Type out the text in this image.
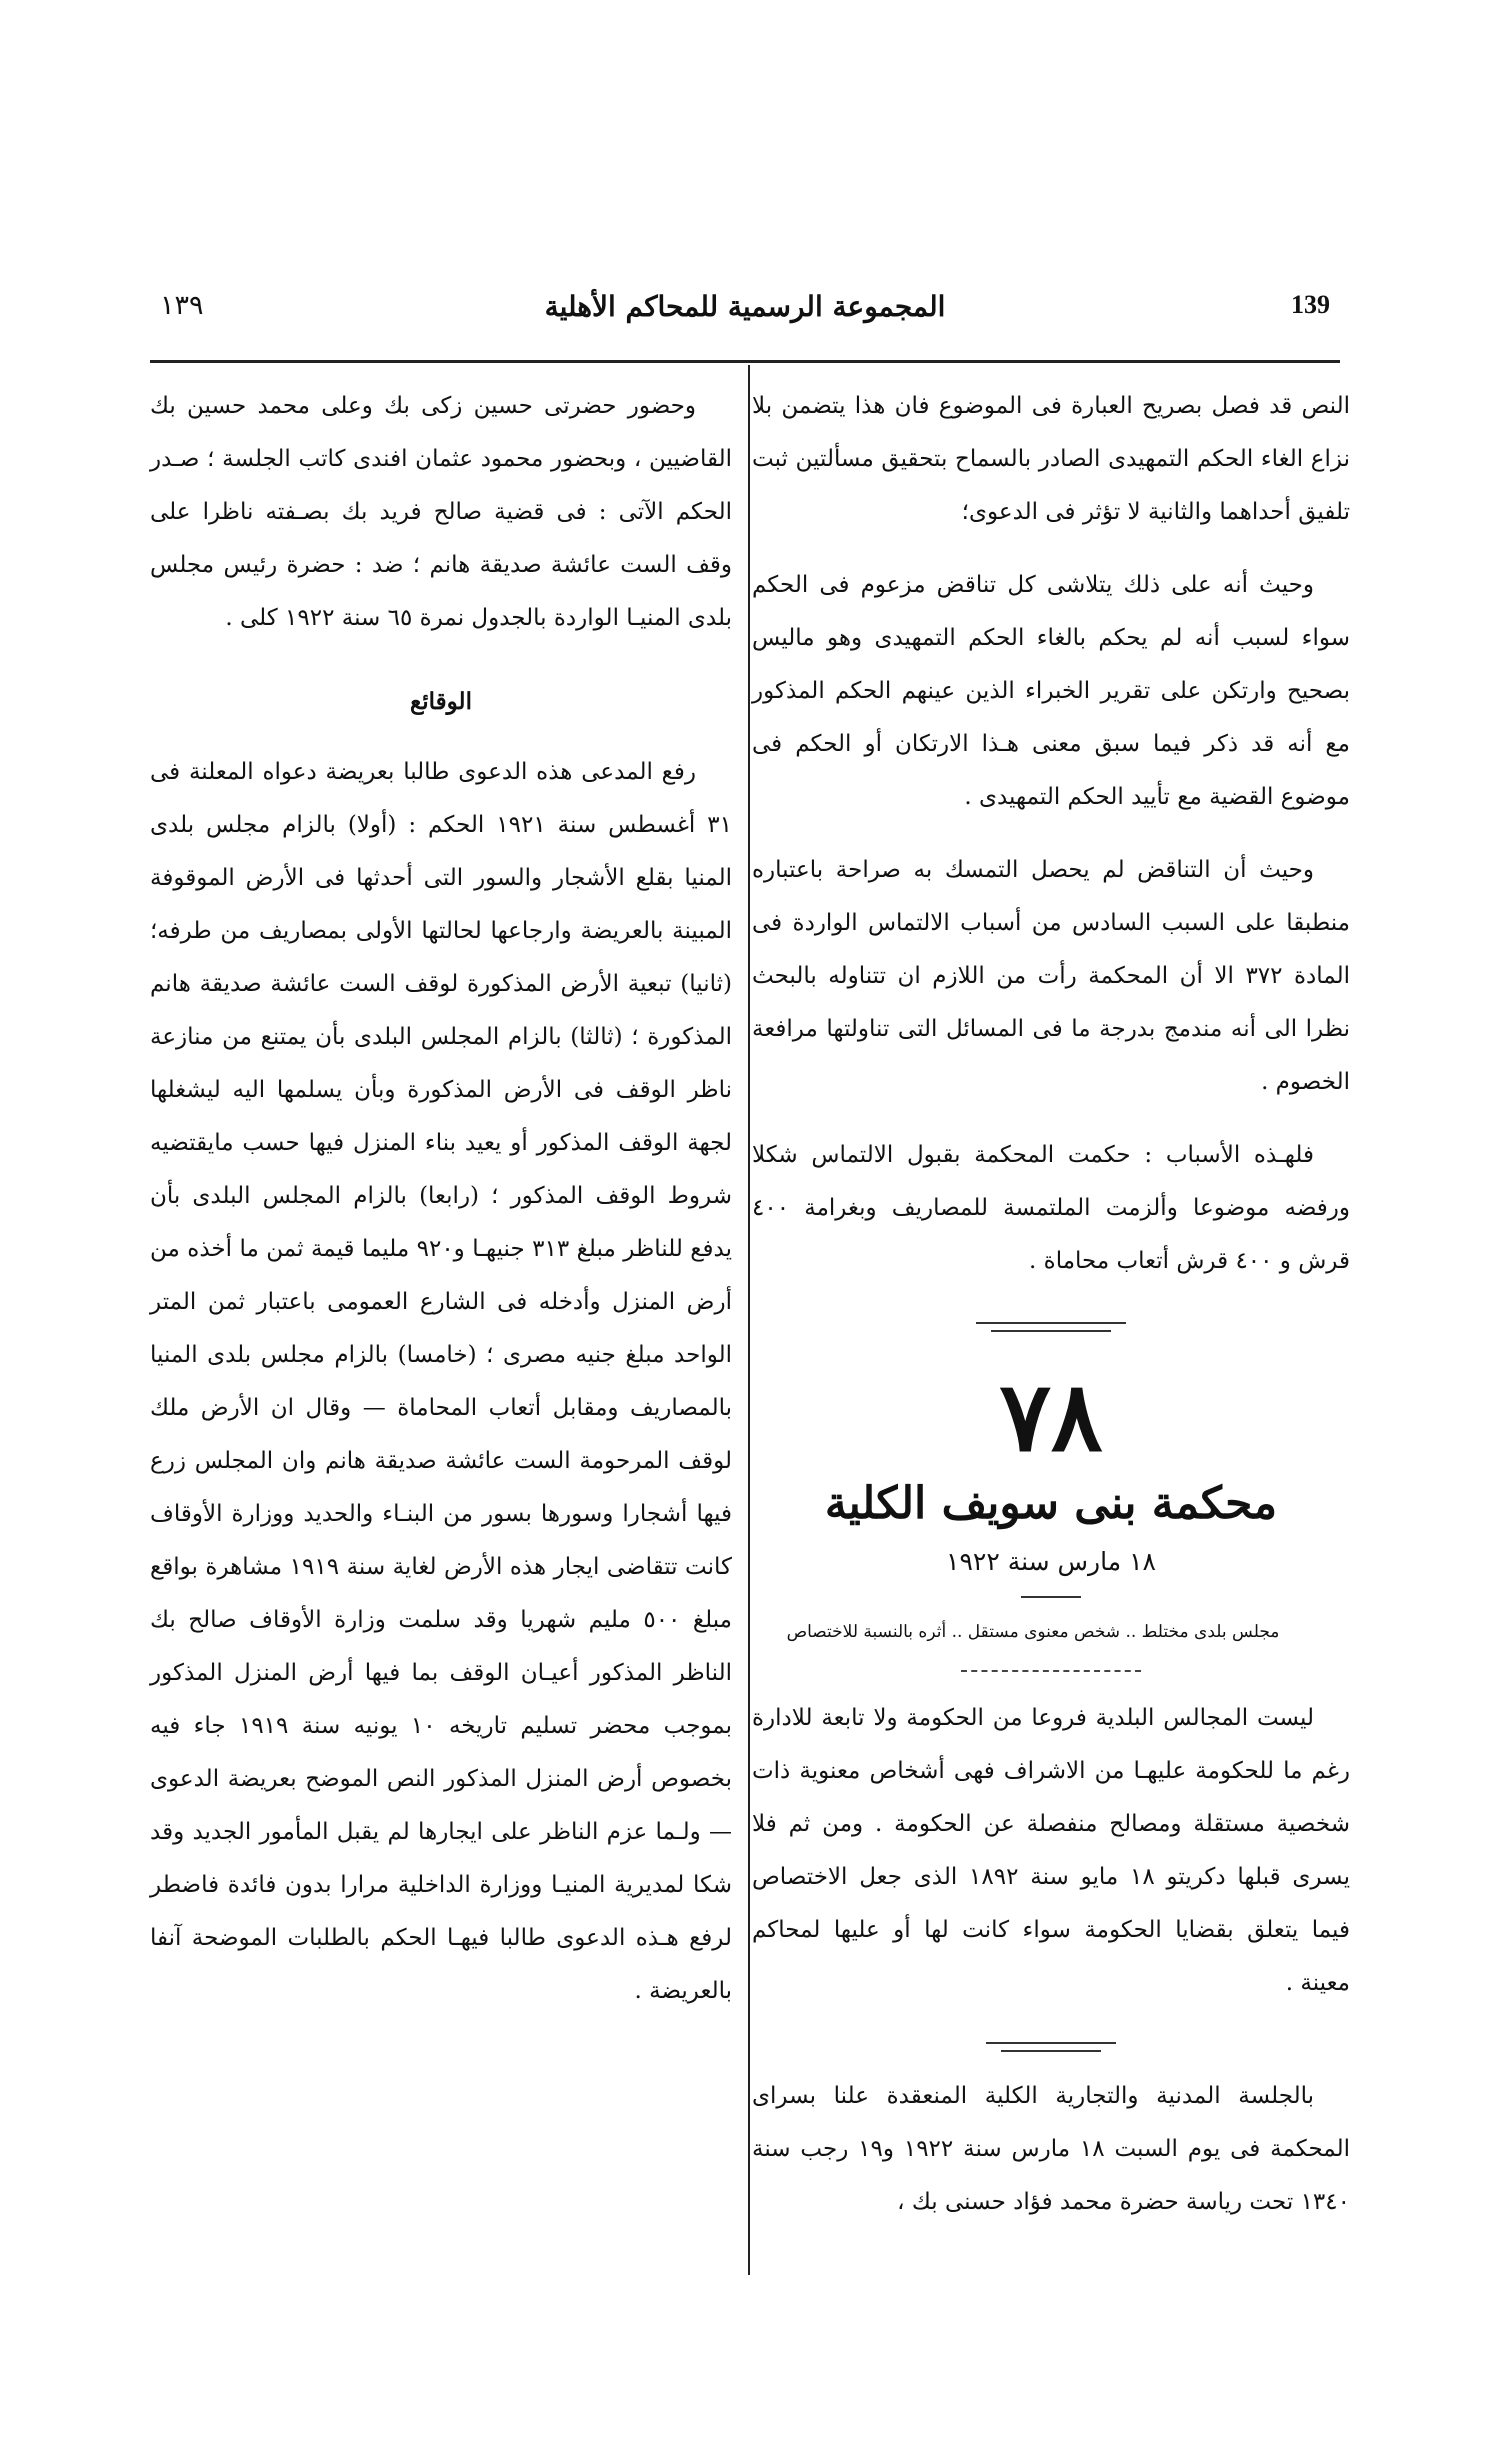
١٣٩	المجموعة الرسمية للمحاكم الأهلية	139

النص قد فصل بصريح العبارة فى الموضوع فان هذا يتضمن بلا نزاع الغاء الحكم التمهيدى الصادر بالسماح بتحقيق مسألتين ثبت تلفيق أحداهما والثانية لا تؤثر فى الدعوى؛

وحيث أنه على ذلك يتلاشى كل تناقض مزعوم فى الحكم سواء لسبب أنه لم يحكم بالغاء الحكم التمهيدى وهو ماليس بصحيح وارتكن على تقرير الخبراء الذين عينهم الحكم المذكور مع أنه قد ذكر فيما سبق معنى هـذا الارتكان أو الحكم فى موضوع القضية مع تأييد الحكم التمهيدى .

وحيث أن التناقض لم يحصل التمسك به صراحة باعتباره منطبقا على السبب السادس من أسباب الالتماس الواردة فى المادة ٣٧٢ الا أن المحكمة رأت من اللازم ان تتناوله بالبحث نظرا الى أنه مندمج بدرجة ما فى المسائل التى تناولتها مرافعة الخصوم .

فلهـذه الأسباب : حكمت المحكمة بقبول الالتماس شكلا ورفضه موضوعا وألزمت الملتمسة للمصاريف وبغرامة ٤٠٠ قرش و ٤٠٠ قرش أتعاب محاماة .

٧٨
محكمة بنى سويف الكلية
١٨ مارس سنة ١٩٢٢

مجلس بلدى مختلط .. شخص معنوى مستقل .. أثره بالنسبة للاختصاص

ليست المجالس البلدية فروعا من الحكومة ولا تابعة للادارة رغم ما للحكومة عليهـا من الاشراف فهى أشخاص معنوية ذات شخصية مستقلة ومصالح منفصلة عن الحكومة . ومن ثم فلا يسرى قبلها دكريتو ١٨ مايو سنة ١٨٩٢ الذى جعل الاختصاص فيما يتعلق بقضايا الحكومة سواء كانت لها أو عليها لمحاكم معينة .

بالجلسة المدنية والتجارية الكلية المنعقدة علنا بسراى المحكمة فى يوم السبت ١٨ مارس سنة ١٩٢٢ و١٩ رجب سنة ١٣٤٠ تحت رياسة حضرة محمد فؤاد حسنى بك ،

وحضور حضرتى حسين زكى بك وعلى محمد حسين بك القاضيين ، وبحضور محمود عثمان افندى كاتب الجلسة ؛ صـدر الحكم الآتى : فى قضية صالح فريد بك بصـفته ناظرا على وقف الست عائشة صديقة هانم ؛ ضد : حضرة رئيس مجلس بلدى المنيـا الواردة بالجدول نمرة ٦٥ سنة ١٩٢٢ كلى .

الوقائع

رفع المدعى هذه الدعوى طالبا بعريضة دعواه المعلنة فى ٣١ أغسطس سنة ١٩٢١ الحكم : (أولا) بالزام مجلس بلدى المنيا بقلع الأشجار والسور التى أحدثها فى الأرض الموقوفة المبينة بالعريضة وارجاعها لحالتها الأولى بمصاريف من طرفه؛ (ثانيا) تبعية الأرض المذكورة لوقف الست عائشة صديقة هانم المذكورة ؛ (ثالثا) بالزام المجلس البلدى بأن يمتنع من منازعة ناظر الوقف فى الأرض المذكورة وبأن يسلمها اليه ليشغلها لجهة الوقف المذكور أو يعيد بناء المنزل فيها حسب مايقتضيه شروط الوقف المذكور ؛ (رابعا) بالزام المجلس البلدى بأن يدفع للناظر مبلغ ٣١٣ جنيهـا و٩٢٠ مليما قيمة ثمن ما أخذه من أرض المنزل وأدخله فى الشارع العمومى باعتبار ثمن المتر الواحد مبلغ جنيه مصرى ؛ (خامسا) بالزام مجلس بلدى المنيا بالمصاريف ومقابل أتعاب المحاماة — وقال ان الأرض ملك لوقف المرحومة الست عائشة صديقة هانم وان المجلس زرع فيها أشجارا وسورها بسور من البنـاء والحديد ووزارة الأوقاف كانت تتقاضى ايجار هذه الأرض لغاية سنة ١٩١٩ مشاهرة بواقع مبلغ ٥٠٠ مليم شهريا وقد سلمت وزارة الأوقاف صالح بك الناظر المذكور أعيـان الوقف بما فيها أرض المنزل المذكور بموجب محضر تسليم تاريخه ١٠ يونيه سنة ١٩١٩ جاء فيه بخصوص أرض المنزل المذكور النص الموضح بعريضة الدعوى — ولـما عزم الناظر على ايجارها لم يقبل المأمور الجديد وقد شكا لمديرية المنيـا ووزارة الداخلية مرارا بدون فائدة فاضطر لرفع هـذه الدعوى طالبا فيهـا الحكم بالطلبات الموضحة آنفا بالعريضة .
